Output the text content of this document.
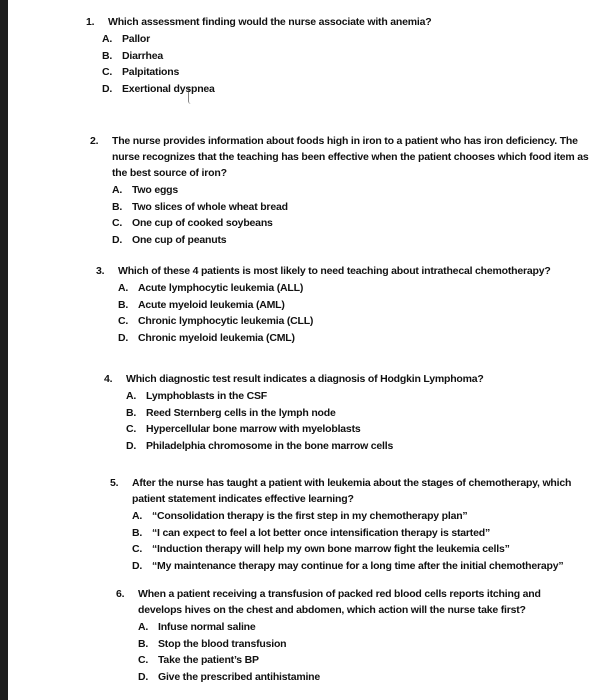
1.	Which assessment finding would the nurse associate with anemia?
A. Pallor
B. Diarrhea
C. Palpitations
D. Exertional dyspnea
2.	The nurse provides information about foods high in iron to a patient who has iron deficiency. The nurse recognizes that the teaching has been effective when the patient chooses which food item as the best source of iron?
A. Two eggs
B. Two slices of whole wheat bread
C. One cup of cooked soybeans
D. One cup of peanuts
3.	Which of these 4 patients is most likely to need teaching about intrathecal chemotherapy?
A. Acute lymphocytic leukemia (ALL)
B. Acute myeloid leukemia (AML)
C. Chronic lymphocytic leukemia (CLL)
D. Chronic myeloid leukemia (CML)
4.	Which diagnostic test result indicates a diagnosis of Hodgkin Lymphoma?
A. Lymphoblasts in the CSF
B. Reed Sternberg cells in the lymph node
C. Hypercellular bone marrow with myeloblasts
D. Philadelphia chromosome in the bone marrow cells
5.	After the nurse has taught a patient with leukemia about the stages of chemotherapy, which patient statement indicates effective learning?
A. “Consolidation therapy is the first step in my chemotherapy plan”
B. “I can expect to feel a lot better once intensification therapy is started”
C. “Induction therapy will help my own bone marrow fight the leukemia cells”
D. “My maintenance therapy may continue for a long time after the initial chemotherapy”
6.	When a patient receiving a transfusion of packed red blood cells reports itching and develops hives on the chest and abdomen, which action will the nurse take first?
A. Infuse normal saline
B. Stop the blood transfusion
C. Take the patient’s BP
D. Give the prescribed antihistamine
